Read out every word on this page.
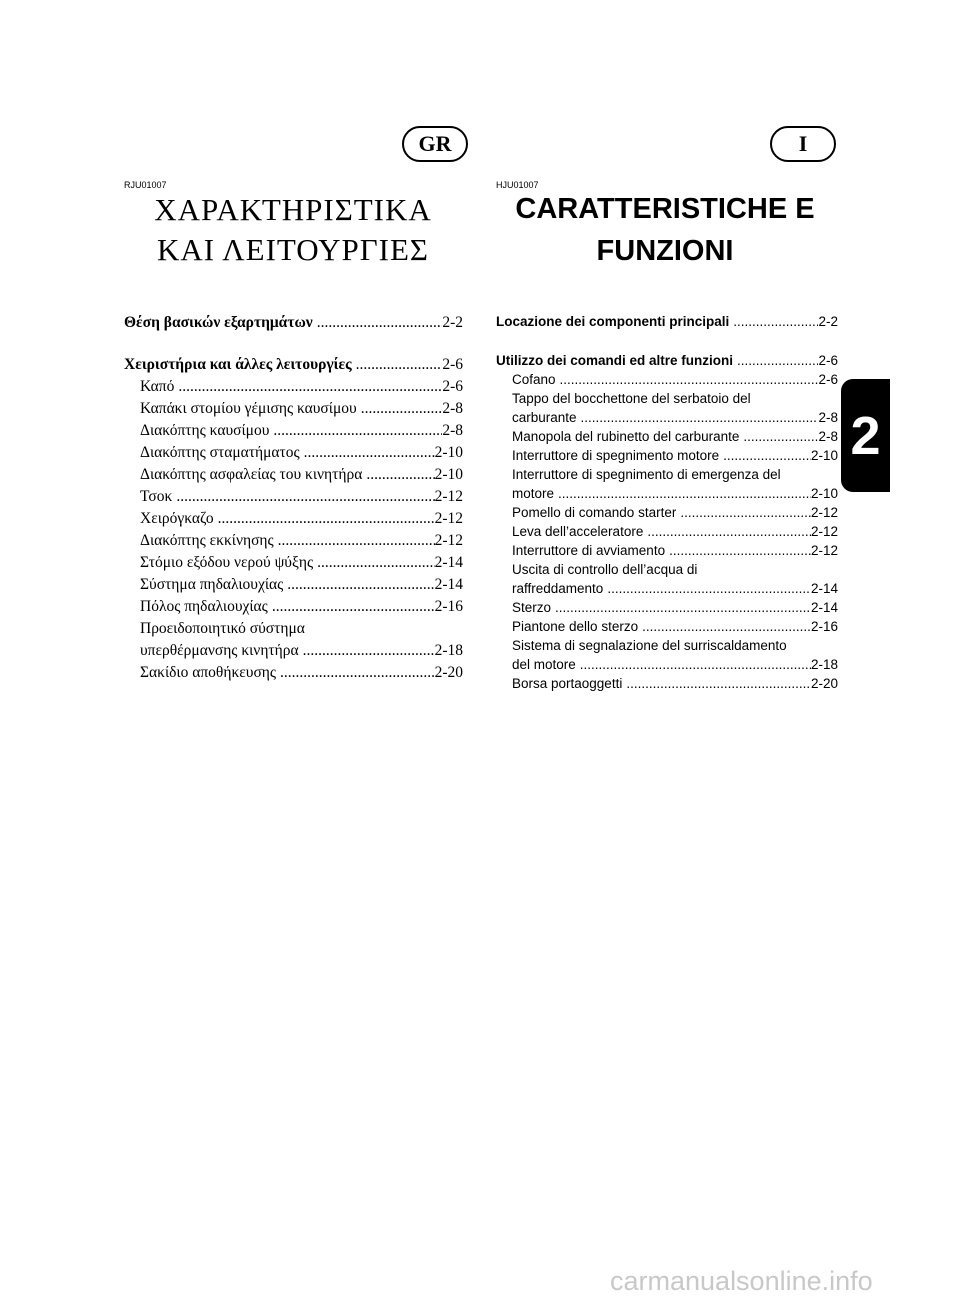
GR	I
RJU01007	HJU01007
ΧΑΡΑΚΤΗΡΙΣΤΙΚΑ
ΚΑΙ ΛΕΙΤΟΥΡΓΙΕΣ
CARATTERISTICHE E
FUNZIONI
Θέση βασικών εξαρτημάτων .....	2-2
Χειριστήρια και άλλες λειτουργίες .....	2-6
Καπό .....	2-6
Καπάκι στομίου γέμισης καυσίμου .....	2-8
Διακόπτης καυσίμου .....	2-8
Διακόπτης σταματήματος .....	2-10
Διακόπτης ασφαλείας του κινητήρα .....	2-10
Τσοκ .....	2-12
Χειρόγκαζο .....	2-12
Διακόπτης εκκίνησης .....	2-12
Στόμιο εξόδου νερού ψύξης .....	2-14
Σύστημα πηδαλιουχίας .....	2-14
Πόλος πηδαλιουχίας .....	2-16
Προειδοποιητικό σύστημα
υπερθέρμανσης κινητήρα .....	2-18
Σακίδιο αποθήκευσης .....	2-20
Locazione dei componenti principali .....	2-2
Utilizzo dei comandi ed altre funzioni .....	2-6
Cofano .....	2-6
Tappo del bocchettone del serbatoio del
carburante .....	2-8
Manopola del rubinetto del carburante .....	2-8
Interruttore di spegnimento motore .....	2-10
Interruttore di spegnimento di emergenza del
motore .....	2-10
Pomello di comando starter .....	2-12
Leva dell’acceleratore .....	2-12
Interruttore di avviamento .....	2-12
Uscita di controllo dell’acqua di
raffreddamento .....	2-14
Sterzo .....	2-14
Piantone dello sterzo .....	2-16
Sistema di segnalazione del surriscaldamento
del motore .....	2-18
Borsa portaoggetti .....	2-20
2
carmanualsonline.info
